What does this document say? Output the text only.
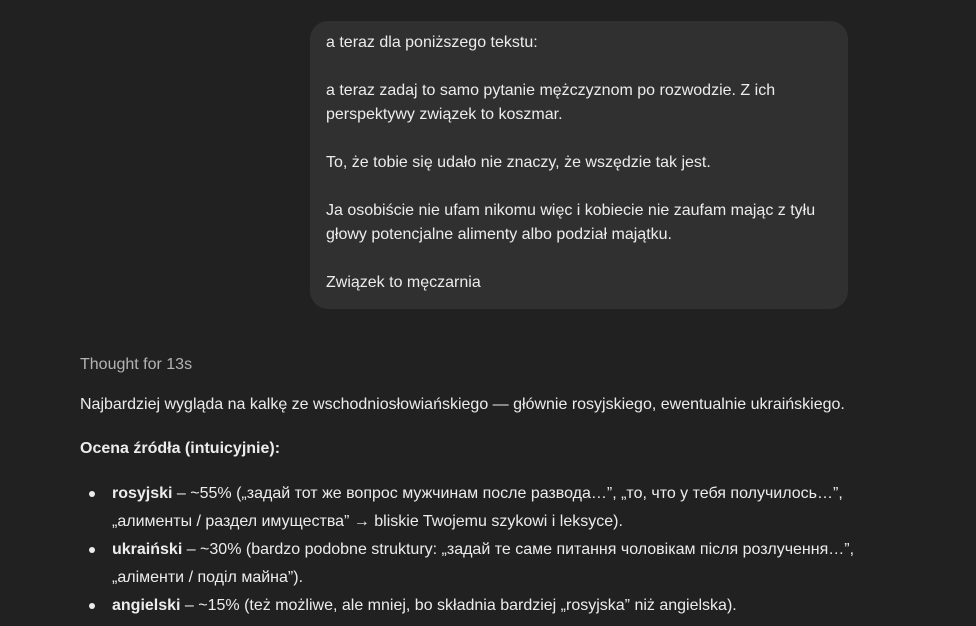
a teraz dla poniższego tekstu:

a teraz zadaj to samo pytanie mężczyznom po rozwodzie. Z ich perspektywy związek to koszmar.

To, że tobie się udało nie znaczy, że wszędzie tak jest.

Ja osobiście nie ufam nikomu więc i kobiecie nie zaufam mając z tyłu głowy potencjalne alimenty albo podział majątku.

Związek to męczarnia

Thought for 13s

Najbardziej wygląda na kalkę ze wschodniosłowiańskiego — głównie rosyjskiego, ewentualnie ukraińskiego.

Ocena źródła (intuicyjnie):

rosyjski – ~55% („задай тот же вопрос мужчинам после развода…”, „то, что у тебя получилось…”, „алименты / раздел имущества” → bliskie Twojemu szykowi i leksyce).
ukraiński – ~30% (bardzo podobne struktury: „задай те саме питання чоловікам після розлучення…”, „аліменти / поділ майна”).
angielski – ~15% (też możliwe, ale mniej, bo składnia bardziej „rosyjska” niż angielska).
